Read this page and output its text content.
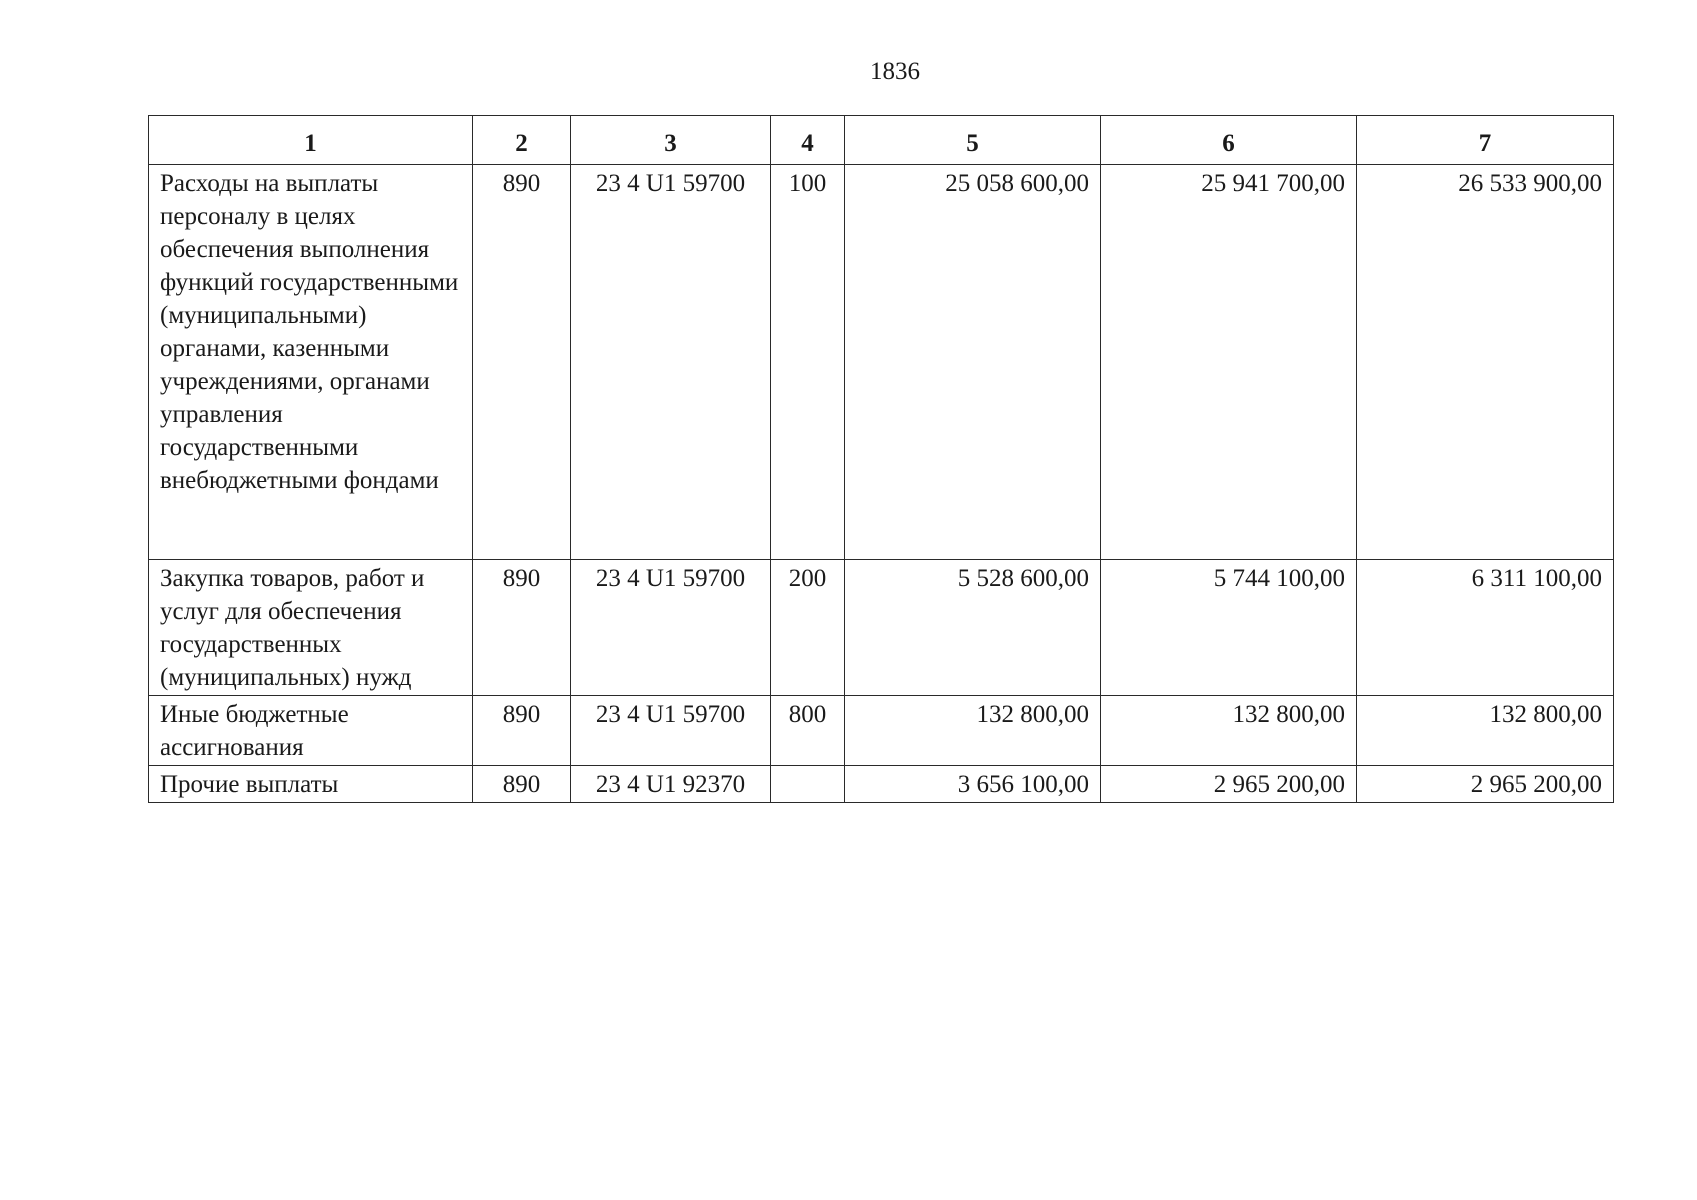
1836
1	2	3	4	5	6	7
Расходы на выплаты персоналу в целях обеспечения выполнения функций государственными (муниципальными) органами, казенными учреждениями, органами управления государственными внебюджетными фондами	890	23 4 U1 59700	100	25 058 600,00	25 941 700,00	26 533 900,00
Закупка товаров, работ и услуг для обеспечения государственных (муниципальных) нужд	890	23 4 U1 59700	200	5 528 600,00	5 744 100,00	6 311 100,00
Иные бюджетные ассигнования	890	23 4 U1 59700	800	132 800,00	132 800,00	132 800,00
Прочие выплаты	890	23 4 U1 92370		3 656 100,00	2 965 200,00	2 965 200,00
